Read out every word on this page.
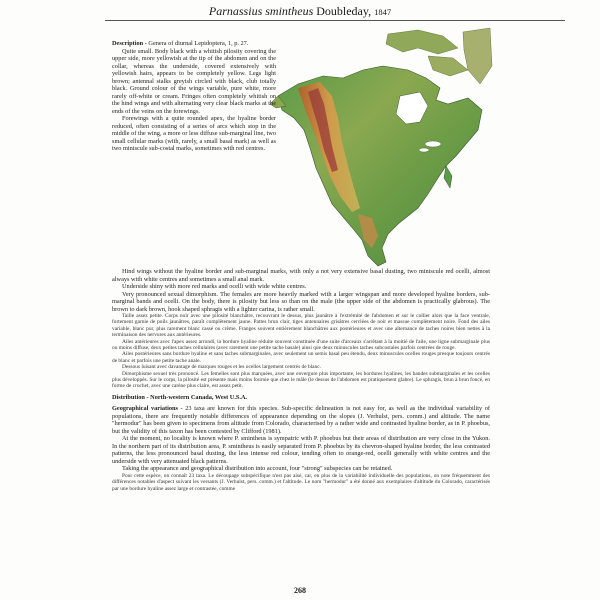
Parnassius smintheus Doubleday, 1847

Description - Genera of diurnal Lepidoptera, 1, p. 27.

Quite small. Body black with a whitish pilosity covering the upper side, more yellowish at the tip of the abdomen and on the collar, whereas the underside, covered extensively with yellowish hairs, appears to be completely yellow. Legs light brown; antennal stalks greyish circled with black, club totally black. Ground colour of the wings variable, pure white, more rarely off-white or cream. Fringes often completely whitish on the hind wings and with alternating very clear black marks at the ends of the veins on the forewings.

Forewings with a quite rounded apex, the hyaline border reduced, often consisting of a series of arcs which stop in the middle of the wing, a more or less diffuse sub-marginal line, two small cellular marks (with, rarely, a small basal mark) as well as two miniscule sub-costal marks, sometimes with red centres.

Hind wings without the hyaline border and sub-marginal marks, with only a not very extensive basal dusting, two miniscule red ocelli, almost always with white centres and sometimes a small anal mark.

Underside shiny with more red marks and ocelli with wide white centres.

Very pronounced sexual dimorphism. The females are more heavily marked with a larger wingspan and more developed hyaline borders, sub-marginal bands and ocelli. On the body, there is pilosity but less so than on the male (the upper side of the abdomen is practically glabrous). The brown to dark brown, hook shaped sphragis with a lighter carina, is rather small.

Taille assez petite. Corps noir avec une pilosité blanchâtre, recouvrant le dessus, plus jaunâtre à l'extrémité de l'abdomen et sur le collier alors que la face ventrale, fortement garnie de poils jaunâtres, paraît complètement jaune. Pattes brun clair, tiges antennaires grisâtres cerclées de noir et massue complètement noire. Fond des ailes variable, blanc pur, plus rarement blanc cassé ou crème. Franges souvent entièrement blanchâtres aux postérieures et avec une alternance de taches noires bien nettes à la terminaison des nervures aux antérieures.

Ailes antérieures avec l'apex assez arrondi, la bordure hyaline réduite souvent constituée d'une suite d'arceaux s'arrêtant à la moitié de l'aile, une ligne submarginale plus ou moins diffuse, deux petites taches cellulaires (avec rarement une petite tache basale) ainsi que deux minuscules taches subcostales parfois centrées de rouge.

Ailes postérieures sans bordure hyaline et sans taches submarginales, avec seulement un semis basal peu étendu, deux minuscules ocelles rouges presque toujours centrés de blanc et parfois une petite tache anale.

Dessous luisant avec davantage de marques rouges et les ocelles largement centrés de blanc.

Dimorphisme sexuel très prononcé. Les femelles sont plus marquées, avec une envergure plus importante, les bordures hyalines, les bandes submarginales et les ocelles plus développés. Sur le corps, la pilosité est présente mais moins fournie que chez le mâle (le dessus de l'abdomen est pratiquement glabre). Le sphragis, brun à brun foncé, en forme de crochet, avec une carène plus claire, est assez petit.

Distribution - North-western Canada, West U.S.A.

Geographical variations - 23 taxa are known for this species. Sub-specific delineation is not easy for, as well as the individual variability of populations, there are frequently notable differences of appearance depending on the slopes (J. Verhulst, pers. comm.) and altitude. The name "hermodur" has been given to specimens from altitude from Colorado, characterised by a rather wide and contrasted hyaline border, as in P. phoebus, but the validity of this taxon has been contested by Clifford (1981).

At the moment, no locality is known where P. smintheus is sympatric with P. phoebus but their areas of distribution are very close in the Yukon. In the northern part of its distribution area, P. smintheus is easily separated from P. phoebus by its chevron-shaped hyaline border, the less contrasted patterns, the less pronounced basal dusting, the less intense red colour, tending often to orange-red, ocelli generally with white centres and the underside with very attenuated black patterns.

Taking the appearance and geographical distribution into account, four "strong" subspecies can be retained.

Pour cette espèce, on connaît 23 taxa. Le découpage subspécifique n'est pas aisé, car, en plus de la variabilité individuelle des populations, on note fréquemment des différences notables d'aspect suivant les versants (J. Verhulst, pers. comm.) et l'altitude. Le nom "hermodur" a été donné aux exemplaires d'altitude du Colorado, caractérisés par une bordure hyaline assez large et contrastée, comme

268
